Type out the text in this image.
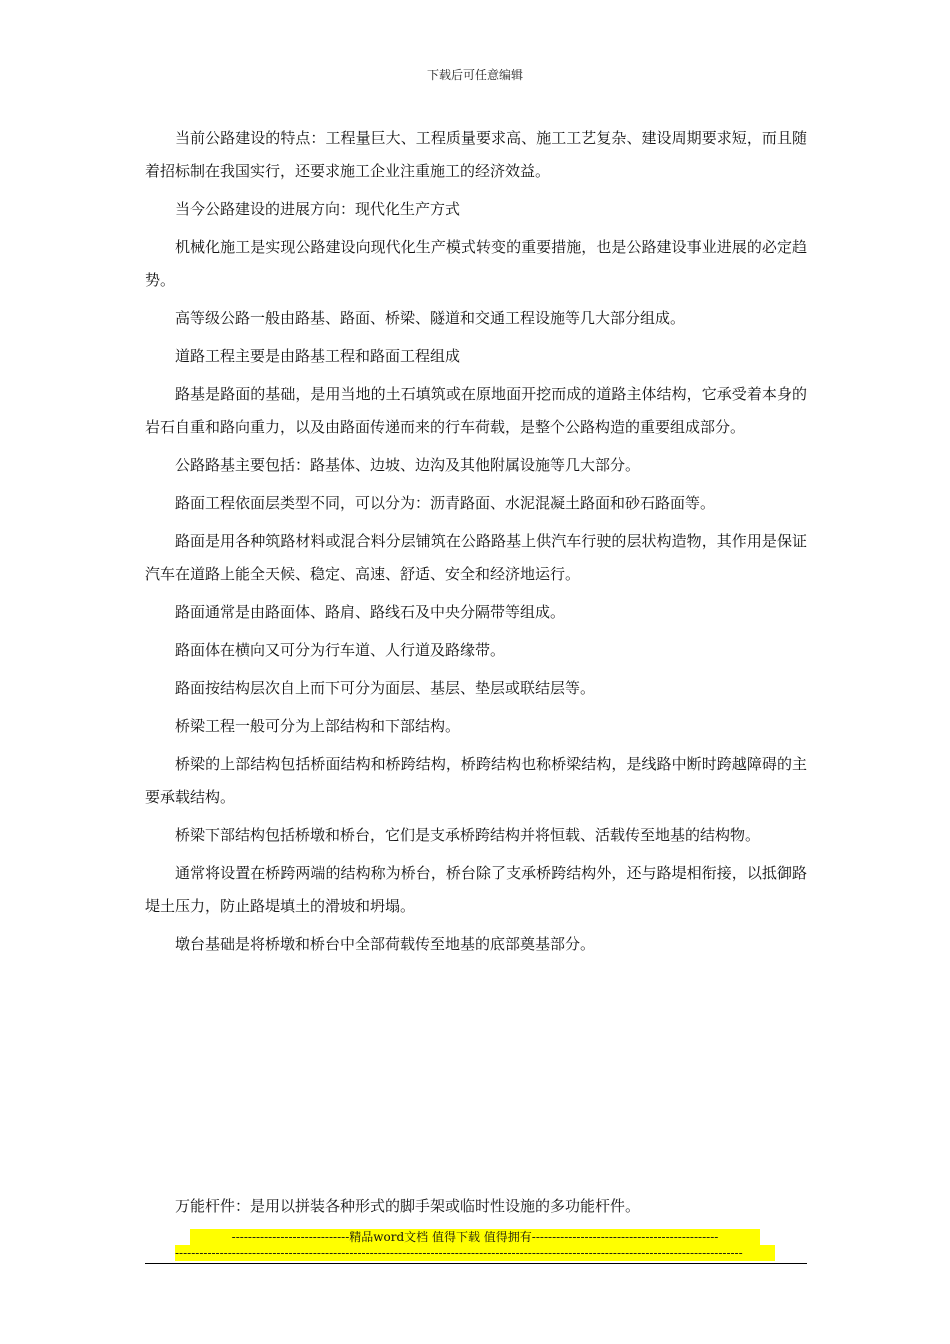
下载后可任意编辑

当前公路建设的特点：工程量巨大、工程质量要求高、施工工艺复杂、建设周期要求短，而且随着招标制在我国实行，还要求施工企业注重施工的经济效益。

当今公路建设的进展方向：现代化生产方式

机械化施工是实现公路建设向现代化生产模式转变的重要措施，也是公路建设事业进展的必定趋势。

高等级公路一般由路基、路面、桥梁、隧道和交通工程设施等几大部分组成。

道路工程主要是由路基工程和路面工程组成

路基是路面的基础，是用当地的土石填筑或在原地面开挖而成的道路主体结构，它承受着本身的岩石自重和路向重力，以及由路面传递而来的行车荷载，是整个公路构造的重要组成部分。

公路路基主要包括：路基体、边坡、边沟及其他附属设施等几大部分。

路面工程依面层类型不同，可以分为：沥青路面、水泥混凝土路面和砂石路面等。

路面是用各种筑路材料或混合料分层铺筑在公路路基上供汽车行驶的层状构造物，其作用是保证汽车在道路上能全天候、稳定、高速、舒适、安全和经济地运行。

路面通常是由路面体、路肩、路线石及中央分隔带等组成。

路面体在横向又可分为行车道、人行道及路缘带。

路面按结构层次自上而下可分为面层、基层、垫层或联结层等。

桥梁工程一般可分为上部结构和下部结构。

桥梁的上部结构包括桥面结构和桥跨结构，桥跨结构也称桥梁结构，是线路中断时跨越障碍的主要承载结构。

桥梁下部结构包括桥墩和桥台，它们是支承桥跨结构并将恒载、活载传至地基的结构物。

通常将设置在桥跨两端的结构称为桥台，桥台除了支承桥跨结构外，还与路堤相衔接，以抵御路堤土压力，防止路堤填土的滑坡和坍塌。

墩台基础是将桥墩和桥台中全部荷载传至地基的底部奠基部分。

万能杆件：是用以拼装各种形式的脚手架或临时性设施的多功能杆件。

-----------------------------精品word文档 值得下载 值得拥有----------------------------------------------
--------------------------------------------------------------------------------------------------------------------------------------------
